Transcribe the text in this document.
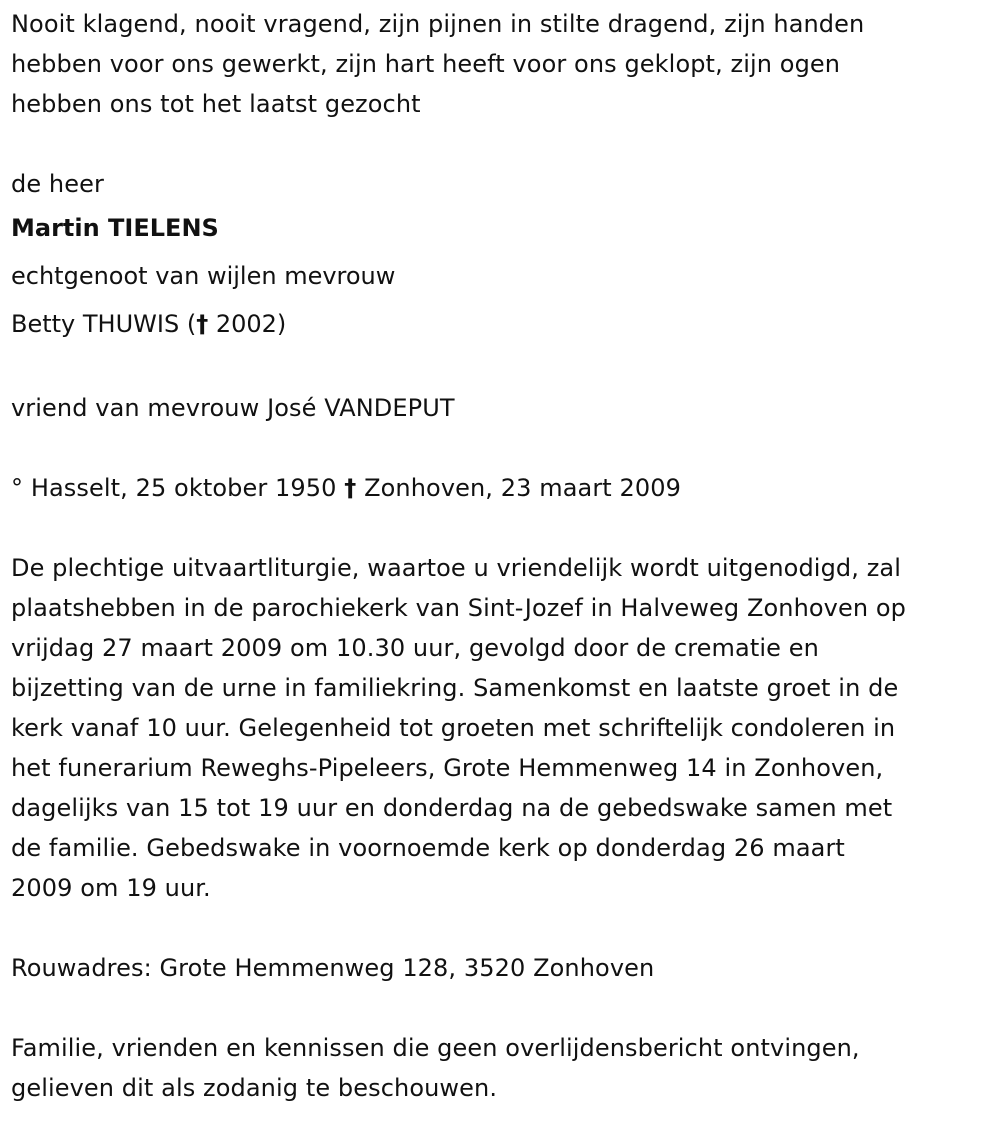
Nooit klagend, nooit vragend, zijn pijnen in stilte dragend, zijn handen

hebben voor ons gewerkt, zijn hart heeft voor ons geklopt, zijn ogen

hebben ons tot het laatst gezocht

de heer

Martin TIELENS

echtgenoot van wijlen mevrouw

Betty THUWIS († 2002)

vriend van mevrouw José VANDEPUT

° Hasselt, 25 oktober 1950 † Zonhoven, 23 maart 2009

De plechtige uitvaartliturgie, waartoe u vriendelijk wordt uitgenodigd, zal

plaatshebben in de parochiekerk van Sint-Jozef in Halveweg Zonhoven op

vrijdag 27 maart 2009 om 10.30 uur, gevolgd door de crematie en

bijzetting van de urne in familiekring. Samenkomst en laatste groet in de

kerk vanaf 10 uur. Gelegenheid tot groeten met schriftelijk condoleren in

het funerarium Reweghs-Pipeleers, Grote Hemmenweg 14 in Zonhoven,

dagelijks van 15 tot 19 uur en donderdag na de gebedswake samen met

de familie. Gebedswake in voornoemde kerk op donderdag 26 maart

2009 om 19 uur.

Rouwadres: Grote Hemmenweg 128, 3520 Zonhoven

Familie, vrienden en kennissen die geen overlijdensbericht ontvingen,

gelieven dit als zodanig te beschouwen.
